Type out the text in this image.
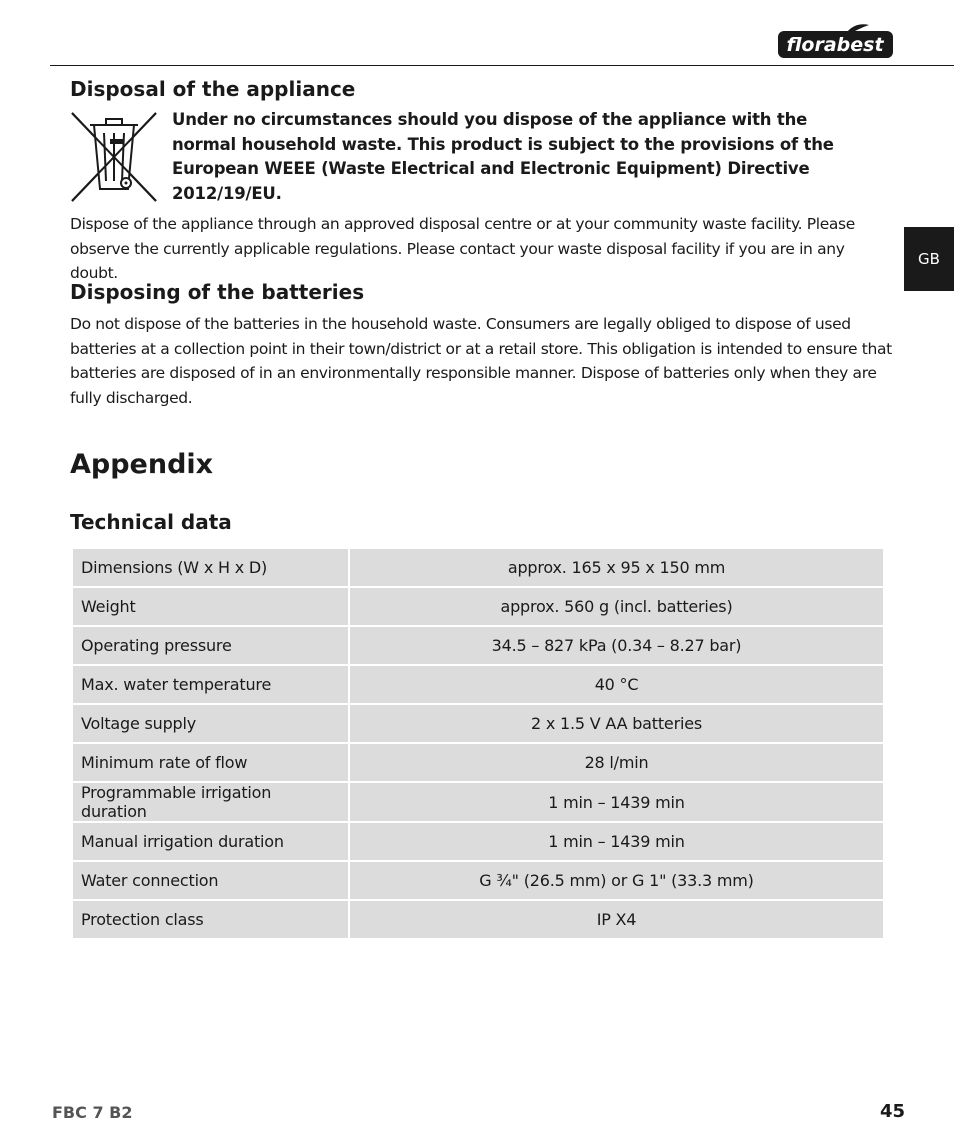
florabest
GB
Disposal of the appliance

Under no circumstances should you dispose of the appliance with the normal household waste. This product is subject to the provisions of the European WEEE (Waste Electrical and Electronic Equipment) Directive 2012/19/EU.

Dispose of the appliance through an approved disposal centre or at your community waste facility. Please observe the currently applicable regulations. Please contact your waste disposal facility if you are in any doubt.

Disposing of the batteries

Do not dispose of the batteries in the household waste. Consumers are legally obliged to dispose of used batteries at a collection point in their town/district or at a retail store. This obligation is intended to ensure that batteries are disposed of in an environmentally responsible manner. Dispose of batteries only when they are fully discharged.

Appendix
Technical data
Dimensions (W x H x D)	approx. 165 x 95 x 150 mm
Weight	approx. 560 g (incl. batteries)
Operating pressure	34.5 – 827 kPa (0.34 – 8.27 bar)
Max. water temperature	40 °C
Voltage supply	2 x 1.5 V AA batteries
Minimum rate of flow	28 l/min
Programmable irrigation duration	1 min – 1439 min
Manual irrigation duration	1 min – 1439 min
Water connection	G ¾" (26.5 mm) or G 1" (33.3 mm)
Protection class	IP X4
FBC 7 B2	45
